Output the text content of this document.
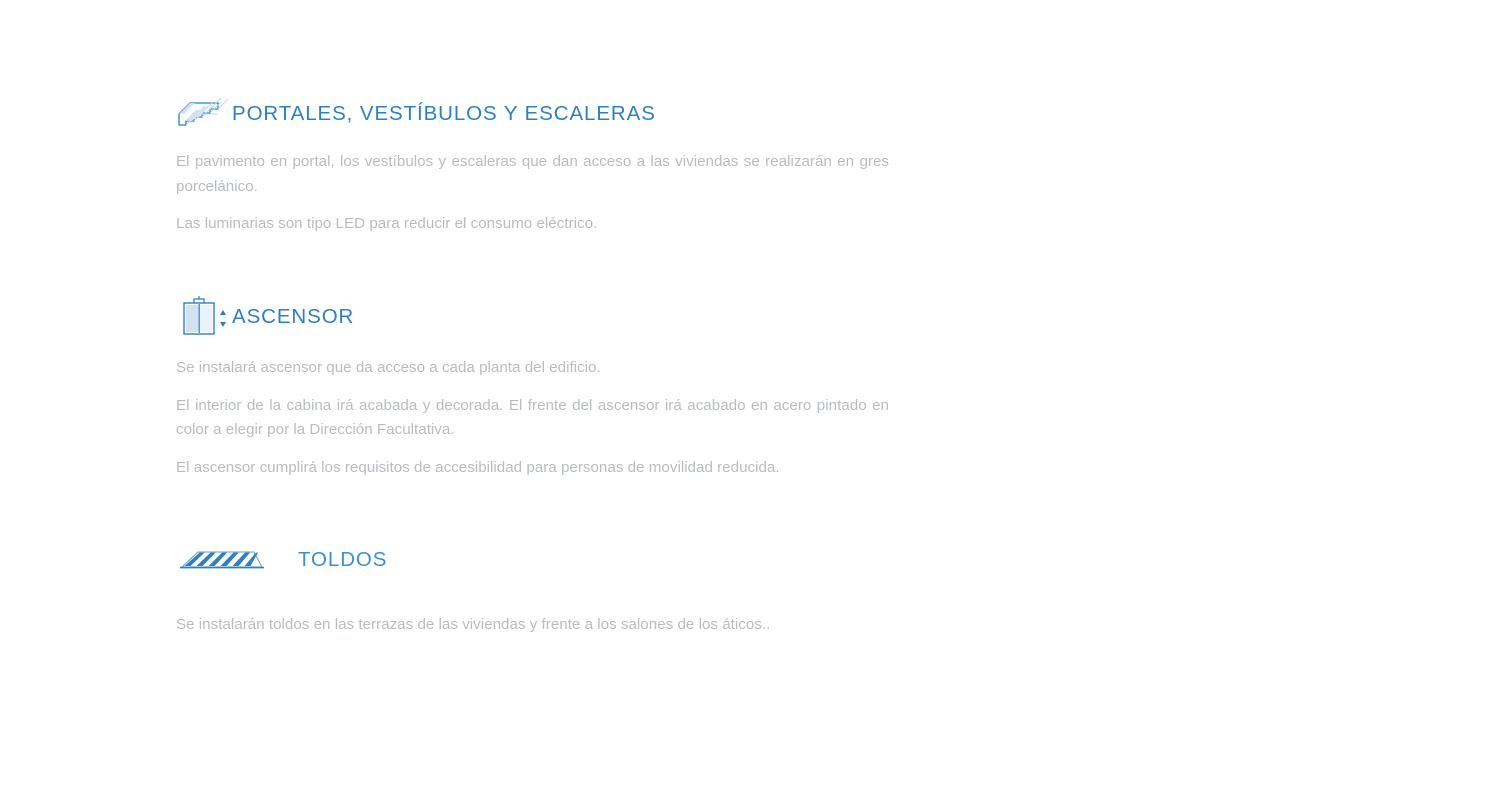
PORTALES, VESTÍBULOS Y ESCALERAS

El pavimento en portal, los vestíbulos y escaleras que dan acceso a las viviendas se realizarán en gres porcelánico.

Las luminarias son tipo LED para reducir el consumo eléctrico.

ASCENSOR

Se instalará ascensor que da acceso a cada planta del edificio.

El interior de la cabina irá acabada y decorada. El frente del ascensor irá acabado en acero pintado en color a elegir por la Dirección Facultativa.

El ascensor cumplirá los requisitos de accesibilidad para personas de movilidad reducida.

TOLDOS

Se instalarán toldos en las terrazas de las viviendas y frente a los salones de los áticos..
